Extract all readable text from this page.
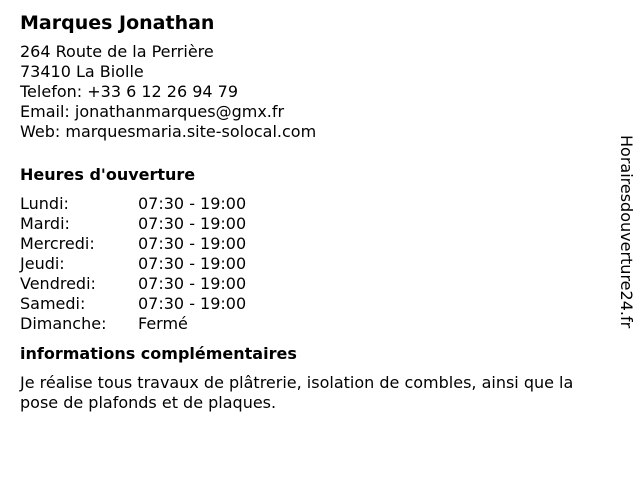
Marques Jonathan
264 Route de la Perrière
73410 La Biolle
Telefon: +33 6 12 26 94 79
Email: jonathanmarques@gmx.fr
Web: marquesmaria.site-solocal.com
Heures d'ouverture
Lundi:	07:30 - 19:00
Mardi:	07:30 - 19:00
Mercredi:	07:30 - 19:00
Jeudi:	07:30 - 19:00
Vendredi:	07:30 - 19:00
Samedi:	07:30 - 19:00
Dimanche:	Fermé
informations complémentaires
Je réalise tous travaux de plâtrerie, isolation de combles, ainsi que la pose de plafonds et de plaques.
Horairesdouverture24.fr
